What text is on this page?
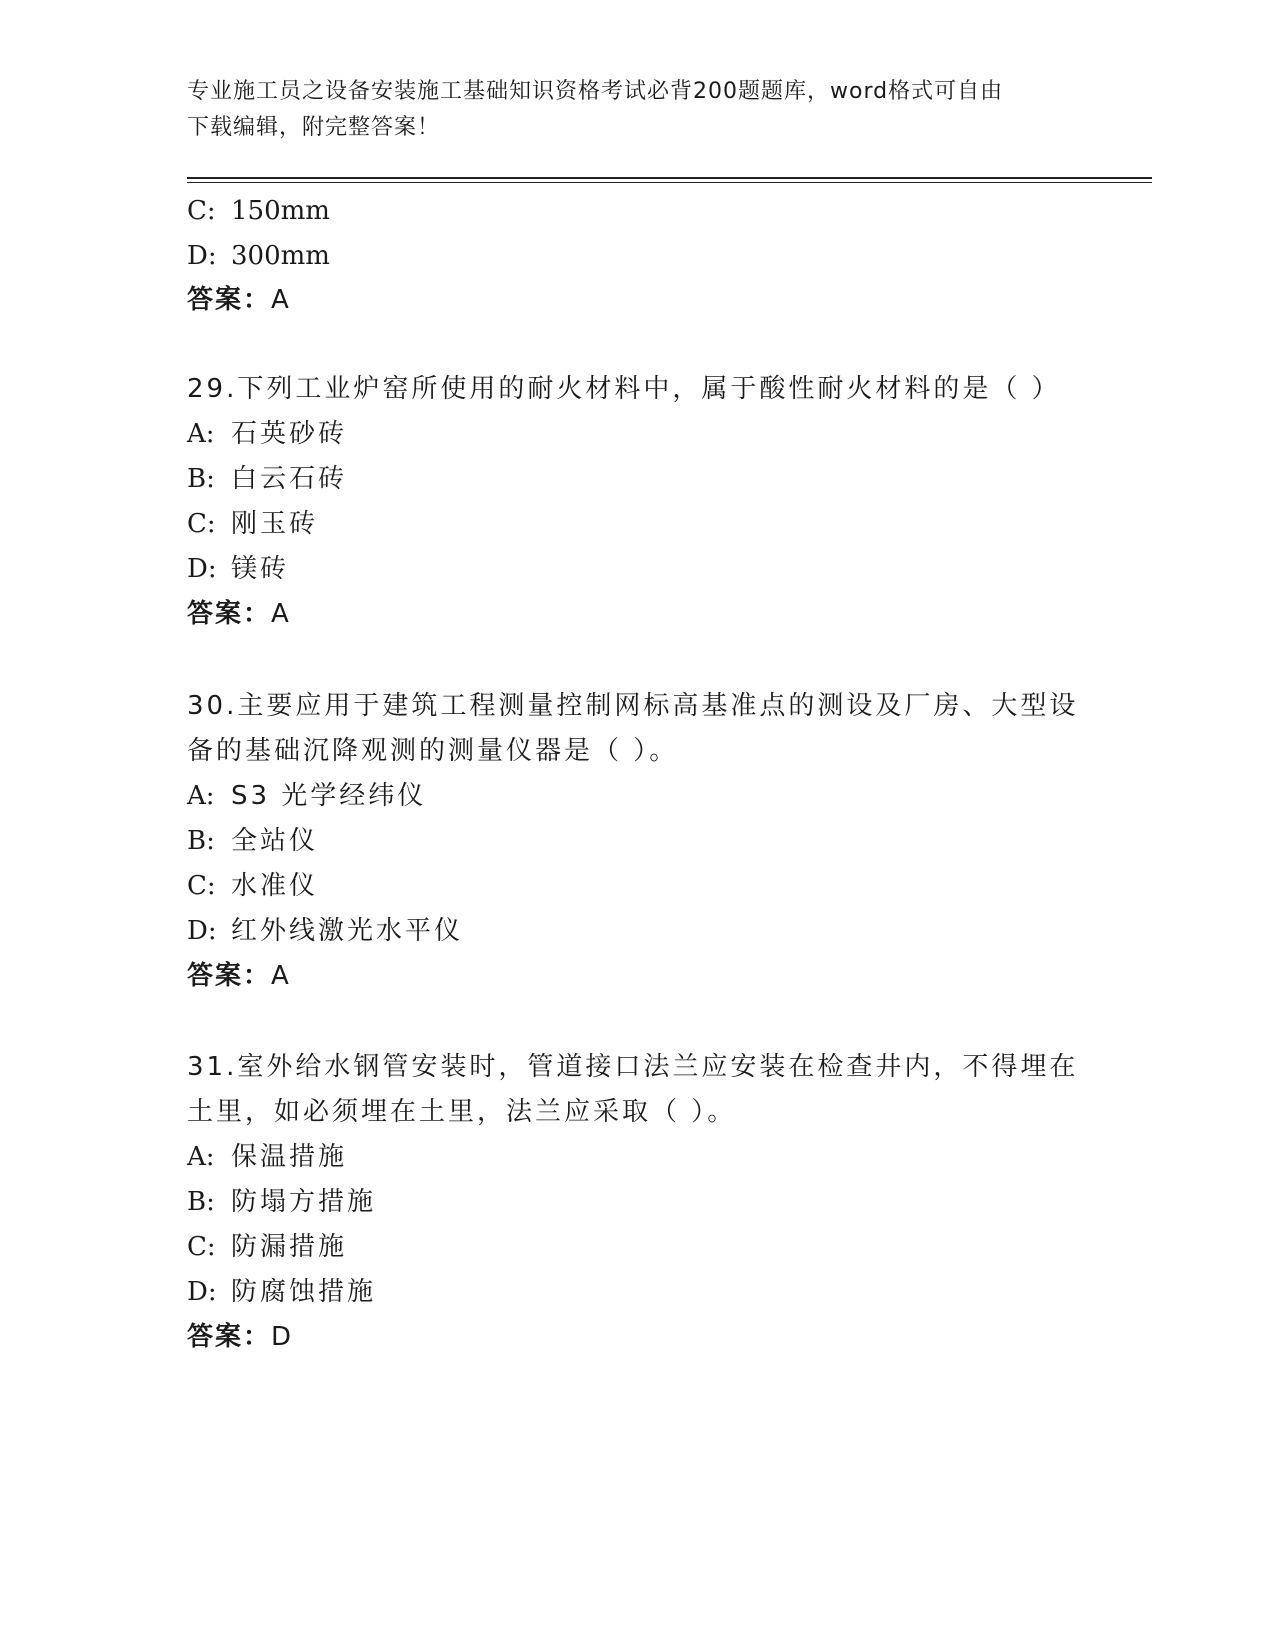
专业施工员之设备安装施工基础知识资格考试必背200题题库，word格式可自由
下载编辑，附完整答案！
C: 150mm
D: 300mm
答案：A
29.下列工业炉窑所使用的耐火材料中，属于酸性耐火材料的是（ ）
A: 石英砂砖
B: 白云石砖
C: 刚玉砖
D: 镁砖
答案：A
30.主要应用于建筑工程测量控制网标高基准点的测设及厂房、大型设
备的基础沉降观测的测量仪器是（ ）。
A: S3 光学经纬仪
B: 全站仪
C: 水准仪
D: 红外线激光水平仪
答案：A
31.室外给水钢管安装时，管道接口法兰应安装在检查井内，不得埋在
土里，如必须埋在土里，法兰应采取（ ）。
A: 保温措施
B: 防塌方措施
C: 防漏措施
D: 防腐蚀措施
答案：D
